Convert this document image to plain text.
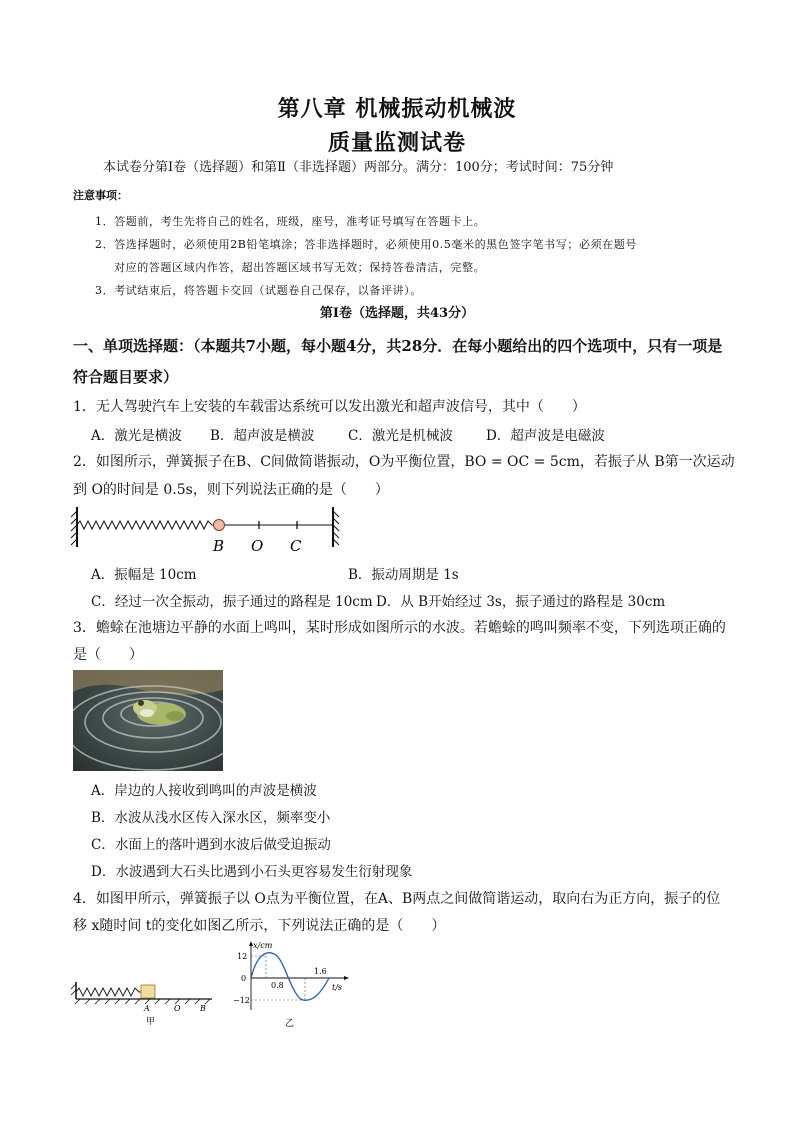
第八章 机械振动机械波
质量监测试卷
本试卷分第Ⅰ卷（选择题）和第Ⅱ（非选择题）两部分。满分：100分；考试时间：75分钟
注意事项：
1．答题前，考生先将自己的姓名，班级，座号，准考证号填写在答题卡上。
2．答选择题时，必须使用2B铅笔填涂；答非选择题时，必须使用0.5毫米的黑色签字笔书写；必须在题号
对应的答题区域内作答，超出答题区域书写无效；保持答卷清洁，完整。
3．考试结束后，将答题卡交回（试题卷自己保存，以备评讲）。
第Ⅰ卷（选择题，共43分）
一、单项选择题：（本题共7小题，每小题4分，共28分．在每小题给出的四个选项中，只有一项是符合题目要求）
1．无人驾驶汽车上安装的车载雷达系统可以发出激光和超声波信号，其中（　　）
A．激光是横波 B．超声波是横波 C．激光是机械波 D．超声波是电磁波
2．如图所示，弹簧振子在B、C间做简谐振动，O为平衡位置，BO = OC = 5cm，若振子从 B第一次运动
到 O的时间是 0.5s，则下列说法正确的是（　　）
B O C
A．振幅是 10cm	B．振动周期是 1s
C．经过一次全振动，振子通过的路程是 10cm D．从 B开始经过 3s，振子通过的路程是 30cm
3．蟾蜍在池塘边平静的水面上鸣叫，某时形成如图所示的水波。若蟾蜍的鸣叫频率不变，下列选项正确的
是（　　）
A．岸边的人接收到鸣叫的声波是横波
B．水波从浅水区传入深水区，频率变小
C．水面上的落叶遇到水波后做受迫振动
D．水波遇到大石头比遇到小石头更容易发生衍射现象
4．如图甲所示，弹簧振子以 O点为平衡位置，在A、B两点之间做简谐运动，取向右为正方向，振子的位
移 x随时间 t的变化如图乙所示，下列说法正确的是（　　）
A	O B
甲
x/cm
t/s
12
0
−12
0.8
1.6
乙
